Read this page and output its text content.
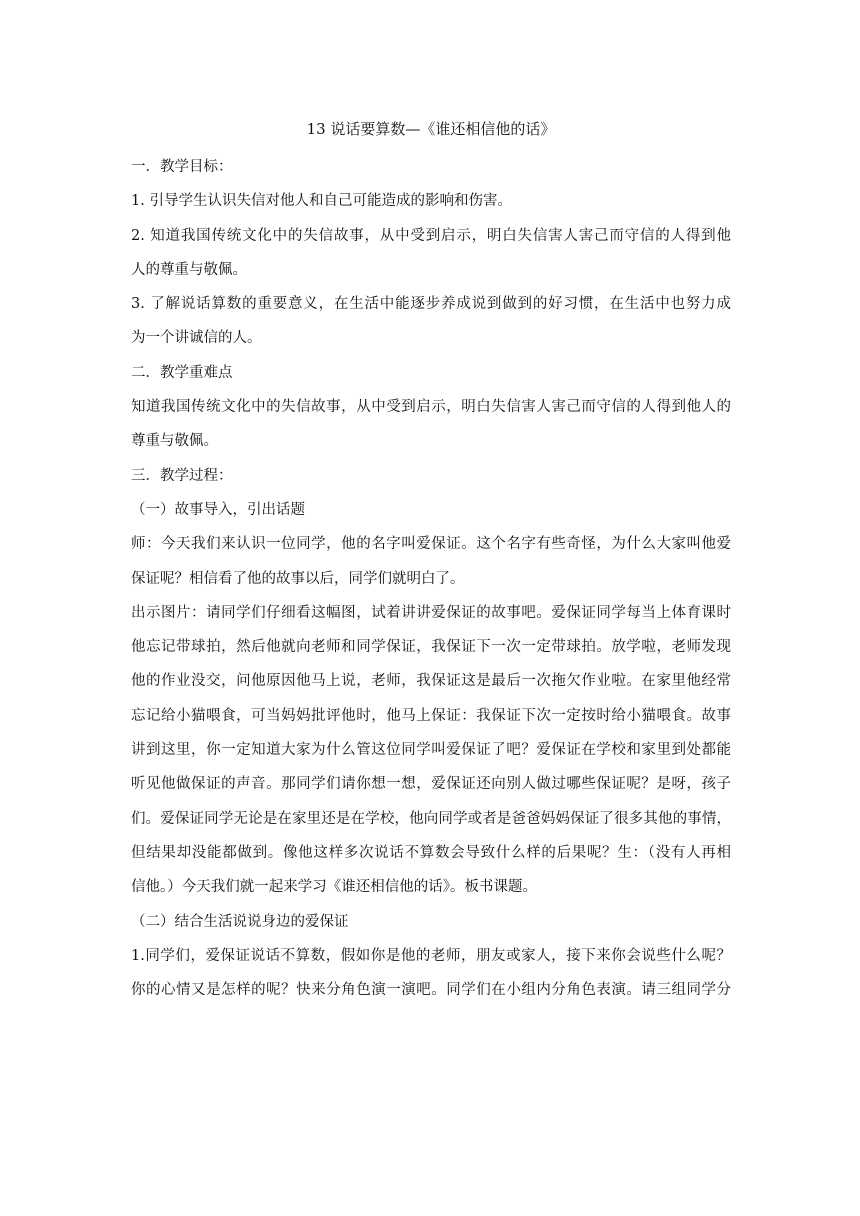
13 说话要算数—《谁还相信他的话》
一．教学目标：
1. 引导学生认识失信对他人和自己可能造成的影响和伤害。
2. 知道我国传统文化中的失信故事，从中受到启示，明白失信害人害己而守信的人得到他
人的尊重与敬佩。
3. 了解说话算数的重要意义，在生活中能逐步养成说到做到的好习惯，在生活中也努力成
为一个讲诚信的人。
二．教学重难点
知道我国传统文化中的失信故事，从中受到启示，明白失信害人害己而守信的人得到他人的
尊重与敬佩。
三．教学过程：
（一）故事导入，引出话题
师：今天我们来认识一位同学，他的名字叫爱保证。这个名字有些奇怪，为什么大家叫他爱
保证呢？相信看了他的故事以后，同学们就明白了。
出示图片：请同学们仔细看这幅图，试着讲讲爱保证的故事吧。爱保证同学每当上体育课时
他忘记带球拍，然后他就向老师和同学保证，我保证下一次一定带球拍。放学啦，老师发现
他的作业没交，问他原因他马上说，老师，我保证这是最后一次拖欠作业啦。在家里他经常
忘记给小猫喂食，可当妈妈批评他时，他马上保证：我保证下次一定按时给小猫喂食。故事
讲到这里，你一定知道大家为什么管这位同学叫爱保证了吧？爱保证在学校和家里到处都能
听见他做保证的声音。那同学们请你想一想，爱保证还向别人做过哪些保证呢？是呀，孩子
们。爱保证同学无论是在家里还是在学校，他向同学或者是爸爸妈妈保证了很多其他的事情，
但结果却没能都做到。像他这样多次说话不算数会导致什么样的后果呢？生：（没有人再相
信他。）今天我们就一起来学习《谁还相信他的话》。板书课题。
（二）结合生活说说身边的爱保证
1.同学们，爱保证说话不算数，假如你是他的老师，朋友或家人，接下来你会说些什么呢？
你的心情又是怎样的呢？快来分角色演一演吧。同学们在小组内分角色表演。请三组同学分
